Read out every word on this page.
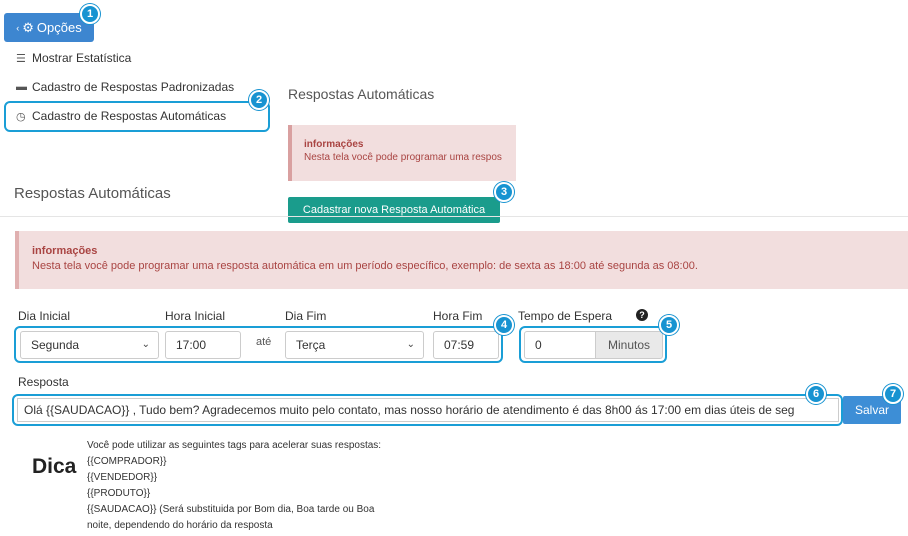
‹ ⚙ Opções
☰ Mostrar Estatística
▬ Cadastro de Respostas Padronizadas
◷ Cadastro de Respostas Automáticas
Respostas Automáticas
informações
Nesta tela você pode programar uma respos
Cadastrar nova Resposta Automática
Respostas Automáticas
informações
Nesta tela você pode programar uma resposta automática em um período específico, exemplo: de sexta as 18:00 até segunda as 08:00.
Dia Inicial	Hora Inicial	Dia Fim	Hora Fim	Tempo de Espera	?
Segunda	⌄ 17:00	até Terça	⌄ 07:59	0	Minutos
Resposta
Olá {{SAUDACAO}} , Tudo bem? Agradecemos muito pelo contato, mas nosso horário de atendimento é das 8h00 ás 17:00 em dias úteis de seg	Salvar
Dica
Você pode utilizar as seguintes tags para acelerar suas respostas:
{{COMPRADOR}}
{{VENDEDOR}}
{{PRODUTO}}
{{SAUDACAO}} (Será substituida por Bom dia, Boa tarde ou Boa
noite, dependendo do horário da resposta
1
2
3
4	5
6	7
